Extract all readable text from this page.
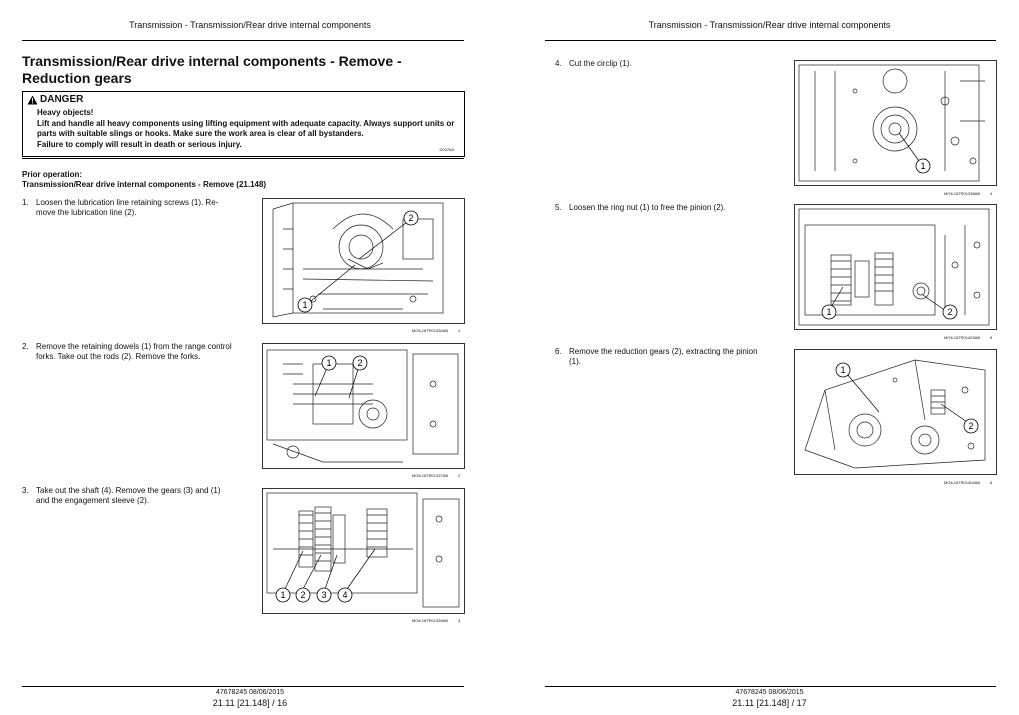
Transmission - Transmission/Rear drive internal components
Transmission/Rear drive internal components - Remove - Reduction gears
DANGER
Heavy objects!
Lift and handle all heavy components using lifting equipment with adequate capacity. Always support units or parts with suitable slings or hooks. Make sure the work area is clear of all bystanders.
Failure to comply will result in death or serious injury.
D0076A
Prior operation:
Transmission/Rear drive internal components - Remove (21.148)
1. Loosen the lubrication line retaining screws (1). Re-
move the lubrication line (2).
1
2
MOIL18TR01330AB 1
2. Remove the retaining dowels (1) from the range control
forks. Take out the rods (2). Remove the forks.
1	2
MOIL18TR01337AB 2
3. Take out the shaft (4). Remove the gears (3) and (1)
and the engagement sleeve (2).
1 2 3 4
MOIL18TR01339AB 3
47678245 08/06/2015
21.11 [21.148] / 16
Transmission - Transmission/Rear drive internal components
4. Cut the circlip (1).
1
MOIL18TR01338AB 4
5. Loosen the ring nut (1) to free the pinion (2).
1	2
MOIL18TR01403AB 5
6. Remove the reduction gears (2), extracting the pinion
(1).
1
2
MOIL18TR01404AB 6
47678245 08/06/2015
21.11 [21.148] / 17
